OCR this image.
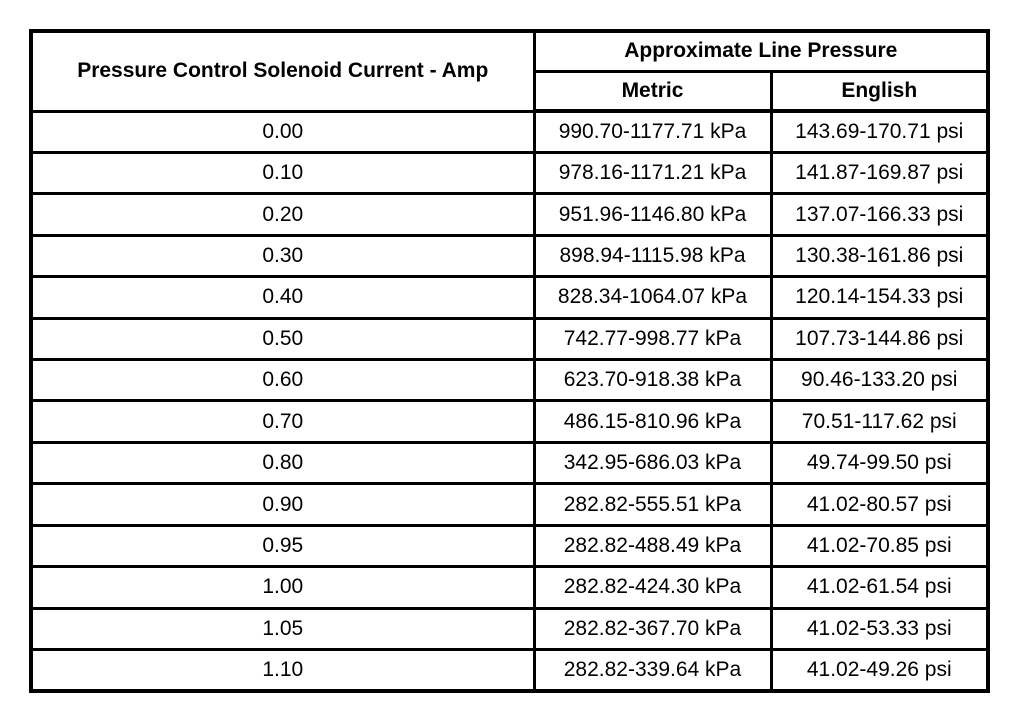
Pressure Control Solenoid Current - Amp	Approximate Line Pressure	
	Metric	English
0.00	990.70-1177.71 kPa	143.69-170.71 psi
0.10	978.16-1171.21 kPa	141.87-169.87 psi
0.20	951.96-1146.80 kPa	137.07-166.33 psi
0.30	898.94-1115.98 kPa	130.38-161.86 psi
0.40	828.34-1064.07 kPa	120.14-154.33 psi
0.50	742.77-998.77 kPa	107.73-144.86 psi
0.60	623.70-918.38 kPa	90.46-133.20 psi
0.70	486.15-810.96 kPa	70.51-117.62 psi
0.80	342.95-686.03 kPa	49.74-99.50 psi
0.90	282.82-555.51 kPa	41.02-80.57 psi
0.95	282.82-488.49 kPa	41.02-70.85 psi
1.00	282.82-424.30 kPa	41.02-61.54 psi
1.05	282.82-367.70 kPa	41.02-53.33 psi
1.10	282.82-339.64 kPa	41.02-49.26 psi
